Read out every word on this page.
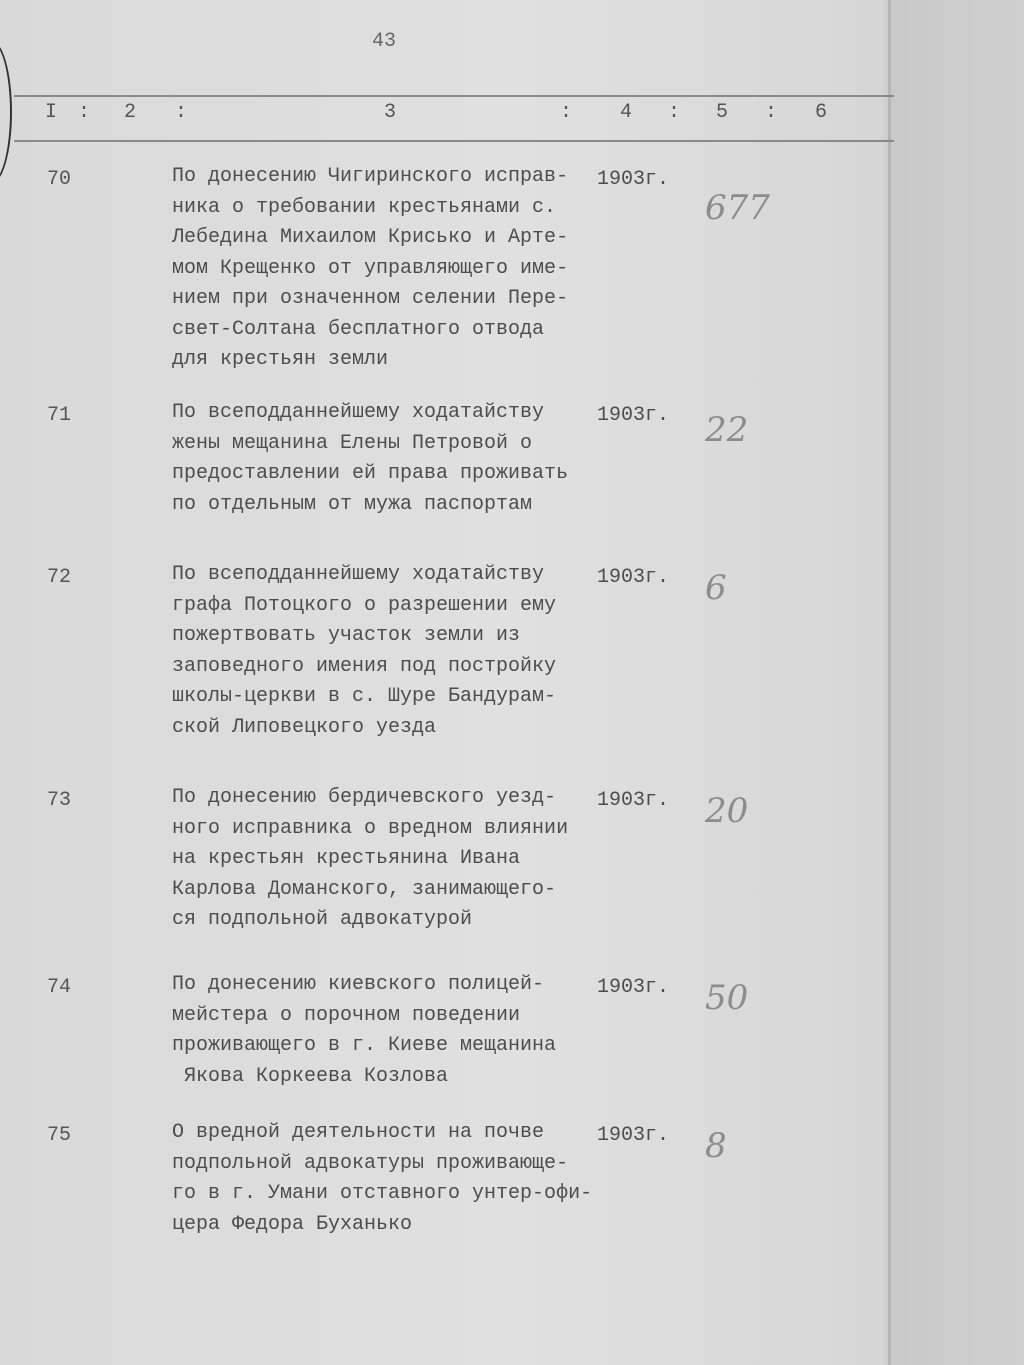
43
I : 2 :	3	: 4 : 5 : 6
70	По донесению Чигиринского исправ-
ника о требовании крестьянами с.
Лебедина Михаилом Крисько и Арте-
мом Крещенко от управляющего име-
нием при означенном селении Пере-
свет-Солтана бесплатного отвода
для крестьян земли
1903г.
677
71	По всеподданнейшему ходатайству
жены мещанина Елены Петровой о
предоставлении ей права проживать
по отдельным от мужа паспортам
1903г. 22
72	По всеподданнейшему ходатайству
графа Потоцкого о разрешении ему
пожертвовать участок земли из
заповедного имения под постройку
школы-церкви в с. Шуре Бандурам-
ской Липовецкого уезда
1903г. 6
73	По донесению бердичевского уезд-
ного исправника о вредном влиянии
на крестьян крестьянина Ивана
Карлова Доманского, занимающего-
ся подпольной адвокатурой
1903г. 20
74	По донесению киевского полицей-
мейстера о порочном поведении
проживающего в г. Киеве мещанина
Якова Коркеева Козлова
1903г. 50
75	О вредной деятельности на почве
подпольной адвокатуры проживающе-
го в г. Умани отставного унтер-офи-
цера Федора Буханько
1903г. 8
